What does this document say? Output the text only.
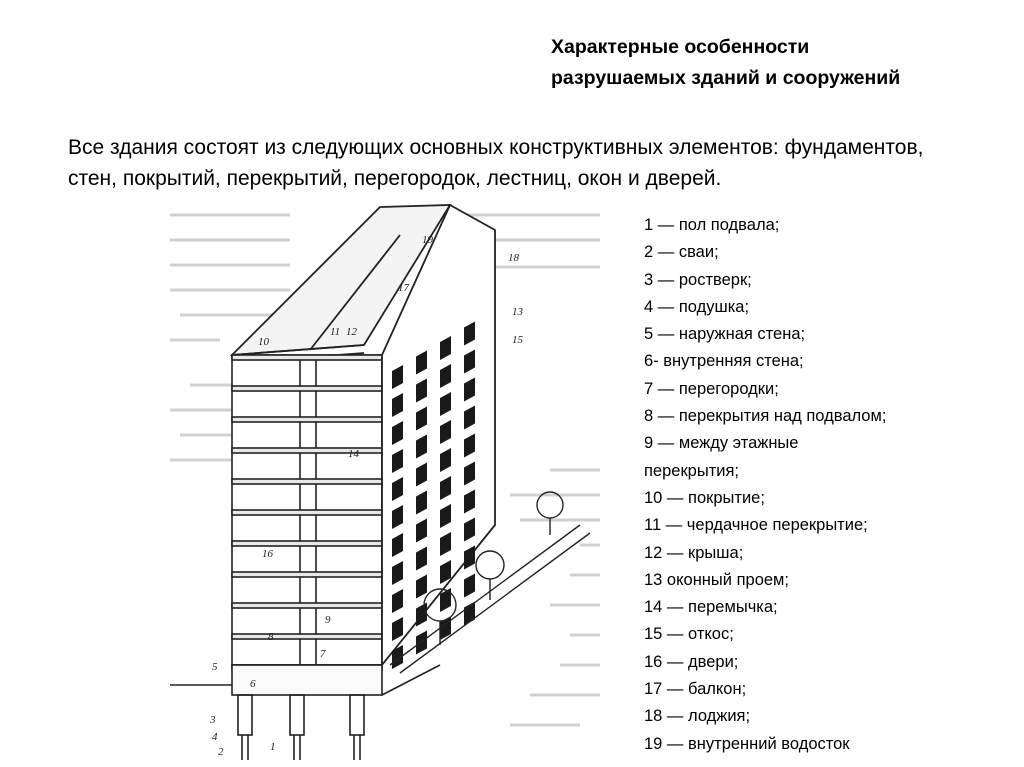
Характерные особенности
разрушаемых зданий и сооружений
Все здания состоят из следующих основных конструктивных элементов: фундаментов, стен, покрытий, перекрытий, перегородок, лестниц, окон и дверей.
1
2
3
4
5
6
7
8
9
10
11 12
13
14
15
16
17
18
19
1 — пол подвала;
2 — сваи;
3 — ростверк;
4 — подушка;
5 — наружная стена;
6- внутренняя стена;
7 — перегородки;
8 — перекрытия над подвалом;
9 — между этажные
перекрытия;
10 — покрытие;
11 — чердачное перекрытие;
12 — крыша;
13 оконный проем;
14 — перемычка;
15 — откос;
16 — двери;
17 — балкон;
18 — лоджия;
19 — внутренний водосток
